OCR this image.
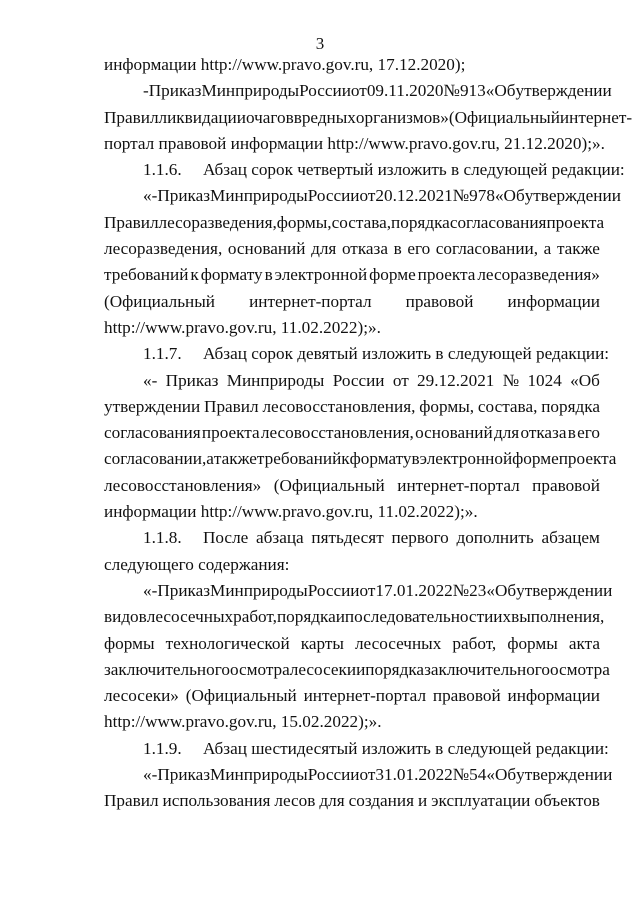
3
информации http://www.pravo.gov.ru, 17.12.2020);
- Приказ Минприроды России от 09.11.2020 № 913 «Об утверждении
Правил ликвидации очагов вредных организмов» (Официальный интернет-
портал правовой информации http://www.pravo.gov.ru, 21.12.2020);».
1.1.6. Абзац сорок четвертый изложить в следующей редакции:
«- Приказ Минприроды России от 20.12.2021 № 978 «Об утверждении
Правил лесоразведения, формы, состава, порядка согласования проекта
лесоразведения, оснований для отказа в его согласовании, а также
требований к формату в электронной форме проекта лесоразведения»
(Официальный интернет-портал правовой информации
http://www.pravo.gov.ru, 11.02.2022);».
1.1.7. Абзац сорок девятый изложить в следующей редакции:
«- Приказ Минприроды России от 29.12.2021 № 1024 «Об
утверждении Правил лесовосстановления, формы, состава, порядка
согласования проекта лесовосстановления, оснований для отказа в его
согласовании, а также требований к формату в электронной форме проекта
лесовосстановления» (Официальный интернет-портал правовой
информации http://www.pravo.gov.ru, 11.02.2022);».
1.1.8.	После абзаца пятьдесят первого дополнить абзацем
следующего содержания:
«- Приказ Минприроды России от 17.01.2022 № 23 «Об утверждении
видов лесосечных работ, порядка и последовательности их выполнения,
формы технологической карты лесосечных работ, формы акта
заключительного осмотра лесосеки и порядка заключительного осмотра
лесосеки» (Официальный интернет-портал правовой информации
http://www.pravo.gov.ru, 15.02.2022);».
1.1.9. Абзац шестидесятый изложить в следующей редакции:
«- Приказ Минприроды России от 31.01.2022 № 54 «Об утверждении
Правил использования лесов для создания и эксплуатации объектов
